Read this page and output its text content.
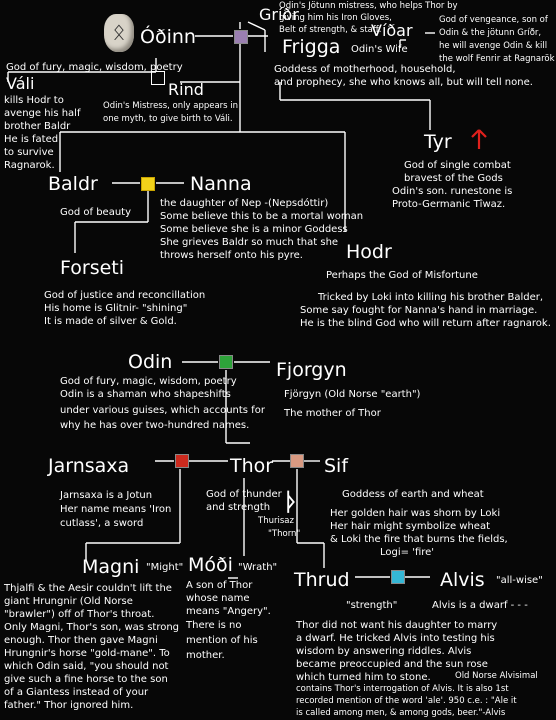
ᛟ Óðinn
God of fury, magic, wisdom, poetry
Gríðr
Odin's Jötunn mistress, who helps Thor by
giving him his Iron Gloves,
Belt of strength, & staff.
Frigga Odin's Wife
Goddess of motherhood, household,
and prophecy, she who knows all, but will tell none.
Víðar
God of vengeance, son of
Odin & the jötunn Gríðr,
he will avenge Odin & kill
the wolf Fenrir at Ragnarök
Váli
kills Hodr to
avenge his half
brother Baldr
He is fated
to survive
Ragnarok.
Rind
Odin's Mistress, only appears in
one myth, to give birth to Váli.
Tyr
God of single combat
bravest of the Gods
Odin's son. runestone is
Proto-Germanic Tîwaz.
Baldr	Nanna
God of beauty
the daughter of Nep -(Nepsdóttir)
Some believe this to be a mortal woman
Some believe she is a minor Goddess
She grieves Baldr so much that she
throws herself onto his pyre. Hodr
Perhaps the God of Misfortune
Tricked by Loki into killing his brother Balder,
Some say fought for Nanna's hand in marriage.
He is the blind God who will return after ragnarok.
Forseti
God of justice and reconcillation
His home is Glitnir- "shining"
It is made of silver & Gold.
Odin	Fjorgyn
God of fury, magic, wisdom, poetry
Odin is a shaman who shapeshifts
under various guises, which accounts for
why he has over two-hundred names.
Fjörgyn (Old Norse "earth")
The mother of Thor
Jarnsaxa	Thor	Sif
Jarnsaxa is a Jotun
Her name means 'Iron
cutlass', a sword
God of thunder
and strength ᚦ
Thurisaz
"Thorn"
Goddess of earth and wheat
Her golden hair was shorn by Loki
Her hair might symbolize wheat
& Loki the fire that burns the fields,
Logi= 'fire'
Magni "Might"
Thjalfi & the Aesir couldn't lift the
giant Hrungnir (Old Norse
"brawler") off of Thor's throat.
Only Magni, Thor's son, was strong
enough. Thor then gave Magni
Hrungnir's horse "gold-mane". To
which Odin said, "you should not
give such a fine horse to the son
of a Giantess instead of your
father." Thor ignored him.
Móði "Wrath"
A son of Thor
whose name
means "Angery".
There is no
mention of his
mother.
Thrud	Alvis "all-wise"
"strength"	Alvis is a dwarf - - -
Thor did not want his daughter to marry
a dwarf. He tricked Alvis into testing his
wisdom by answering riddles. Alvis
became preoccupied and the sun rose
which turned him to stone.	Old Norse Alvisimal
contains Thor's interrogation of Alvis. It is also 1st
recorded mention of the word 'ale'. 950 c.e. : "Ale it
is called among men, & among gods, beer."-Alvis
